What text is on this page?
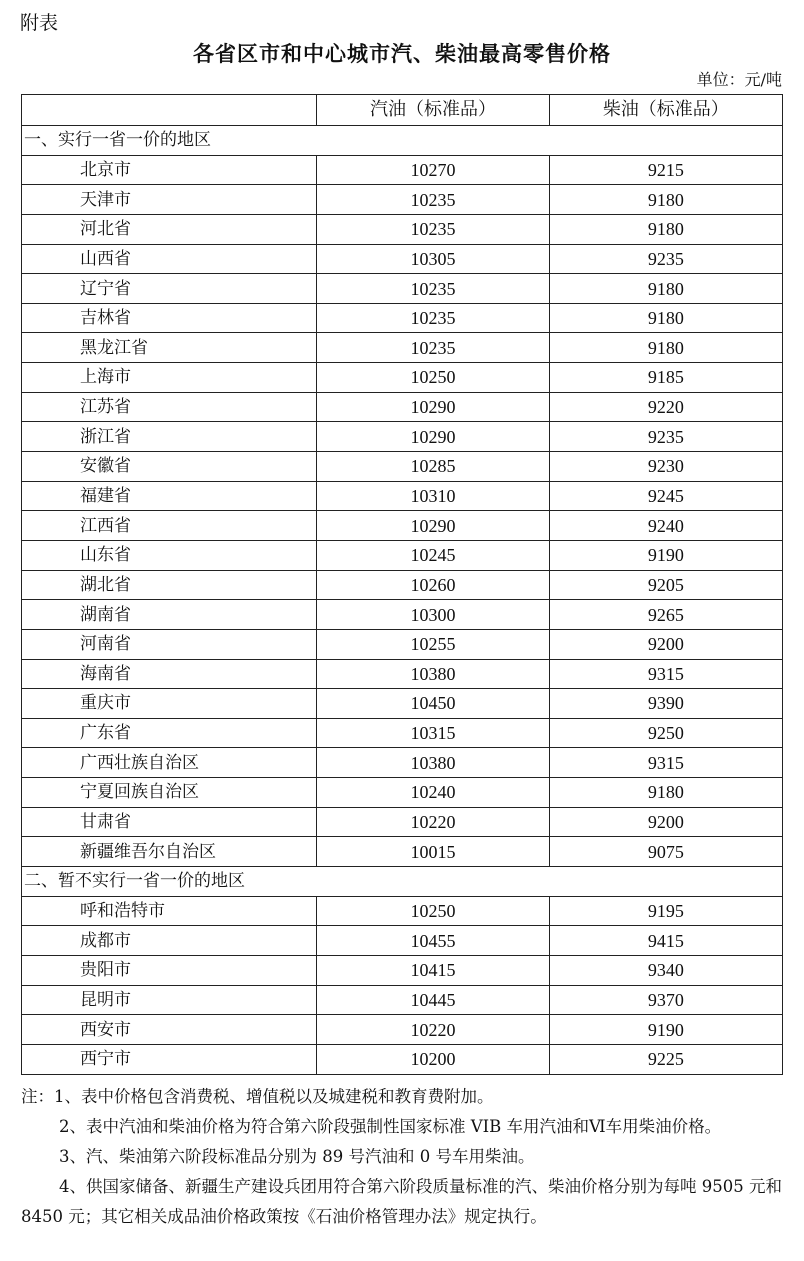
附表
各省区市和中心城市汽、柴油最高零售价格
单位：元/吨
	汽油（标准品）	柴油（标准品）
一、实行一省一价的地区		
北京市	10270	9215
天津市	10235	9180
河北省	10235	9180
山西省	10305	9235
辽宁省	10235	9180
吉林省	10235	9180
黑龙江省	10235	9180
上海市	10250	9185
江苏省	10290	9220
浙江省	10290	9235
安徽省	10285	9230
福建省	10310	9245
江西省	10290	9240
山东省	10245	9190
湖北省	10260	9205
湖南省	10300	9265
河南省	10255	9200
海南省	10380	9315
重庆市	10450	9390
广东省	10315	9250
广西壮族自治区	10380	9315
宁夏回族自治区	10240	9180
甘肃省	10220	9200
新疆维吾尔自治区	10015	9075
二、暂不实行一省一价的地区		
呼和浩特市	10250	9195
成都市	10455	9415
贵阳市	10415	9340
昆明市	10445	9370
西安市	10220	9190
西宁市	10200	9225

注：1、表中价格包含消费税、增值税以及城建税和教育费附加。

2、表中汽油和柴油价格为符合第六阶段强制性国家标准 VIB 车用汽油和Ⅵ车用柴油价格。

3、汽、柴油第六阶段标准品分别为 89 号汽油和 0 号车用柴油。

4、供国家储备、新疆生产建设兵团用符合第六阶段质量标准的汽、柴油价格分别为每吨 9505 元和 8450 元；其它相关成品油价格政策按《石油价格管理办法》规定执行。
